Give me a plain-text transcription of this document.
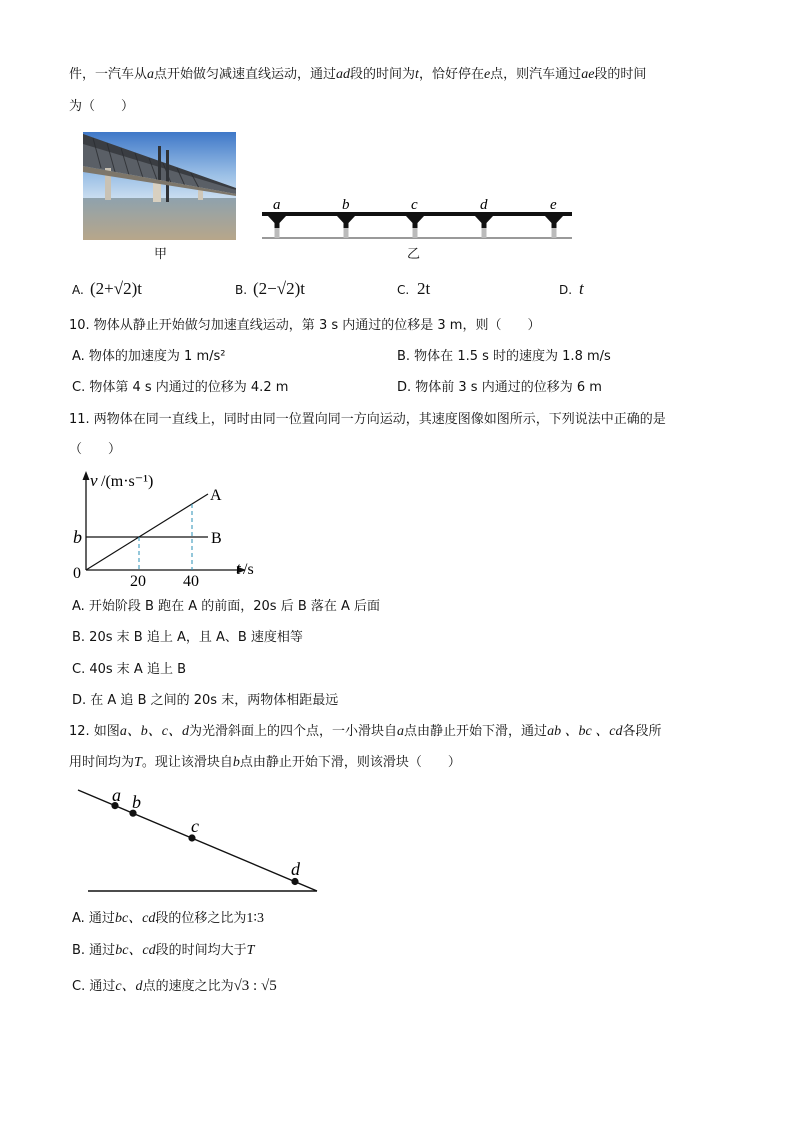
件，一汽车从a点开始做匀减速直线运动，通过ad段的时间为t，恰好停在e点，则汽车通过ae段的时间
为（　　）
甲
a	b	c	d	e
乙
A. (2+√2)t	B. (2−√2)t	C. 2t	D. t
10. 物体从静止开始做匀加速直线运动，第 3 s 内通过的位移是 3 m，则（　　）
A. 物体的加速度为 1 m/s²	B. 物体在 1.5 s 时的速度为 1.8 m/s
C. 物体第 4 s 内通过的位移为 4.2 m	D. 物体前 3 s 内通过的位移为 6 m
11. 两物体在同一直线上，同时由同一位置向同一方向运动，其速度图像如图所示，下列说法中正确的是
（　　）
v /(m·s⁻¹)
A
B
b
0	20 40
t /s
A. 开始阶段 B 跑在 A 的前面，20s 后 B 落在 A 后面
B. 20s 末 B 追上 A，且 A、B 速度相等
C. 40s 末 A 追上 B
D. 在 A 追 B 之间的 20s 末，两物体相距最远
12. 如图a、b、c、d为光滑斜面上的四个点，一小滑块自a点由静止开始下滑，通过ab 、bc 、cd各段所
用时间均为T。现让该滑块自b点由静止开始下滑，则该滑块（　　）
a b
c
d
A. 通过bc、cd段的位移之比为1∶3
B. 通过bc、cd段的时间均大于T
C. 通过c、d点的速度之比为√3 : √5
